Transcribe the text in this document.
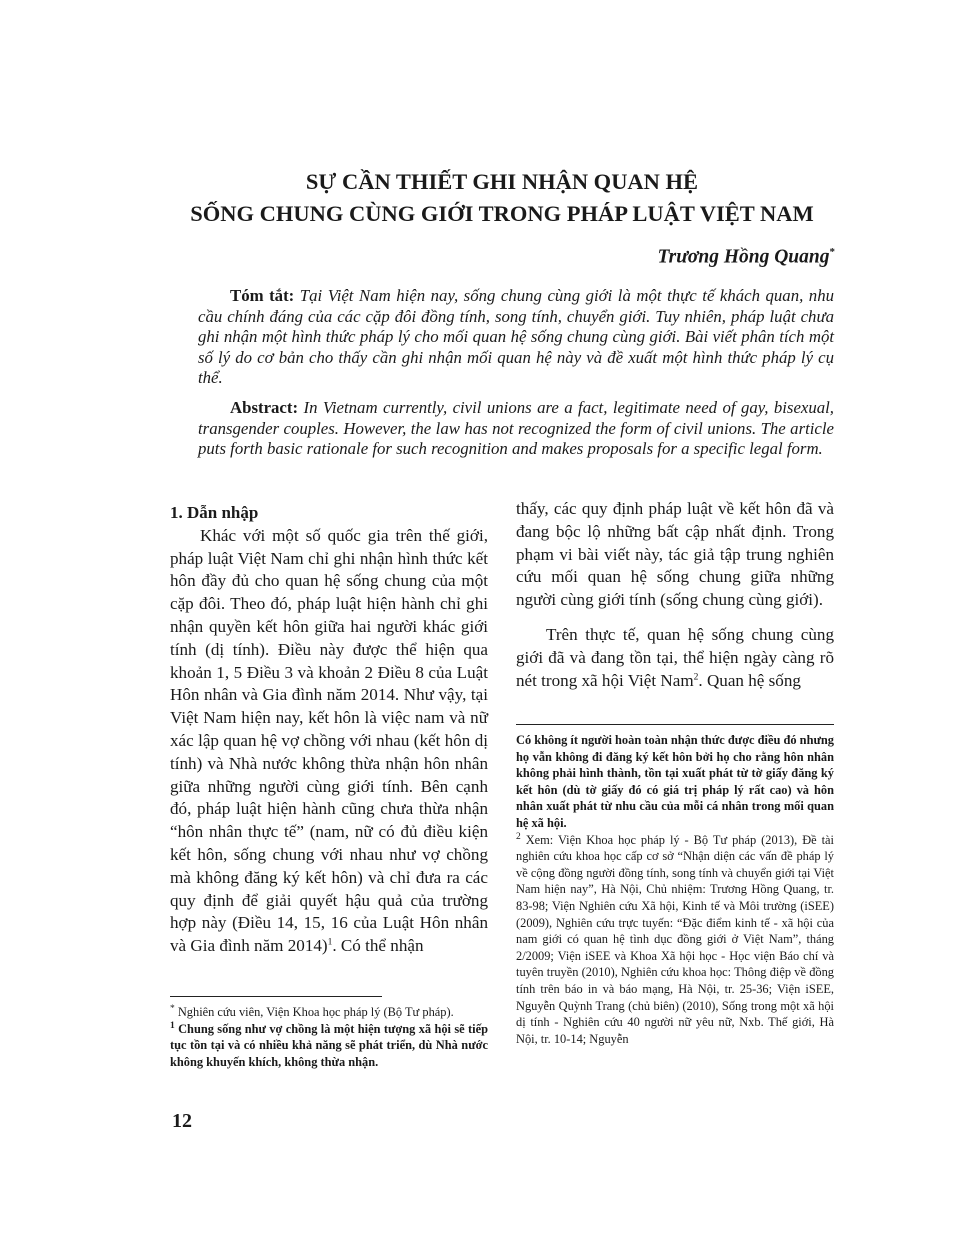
SỰ CẦN THIẾT GHI NHẬN QUAN HỆ
SỐNG CHUNG CÙNG GIỚI TRONG PHÁP LUẬT VIỆT NAM
Trương Hồng Quang*
Tóm tắt: Tại Việt Nam hiện nay, sống chung cùng giới là một thực tế khách quan, nhu cầu chính đáng của các cặp đôi đồng tính, song tính, chuyển giới. Tuy nhiên, pháp luật chưa ghi nhận một hình thức pháp lý cho mối quan hệ sống chung cùng giới. Bài viết phân tích một số lý do cơ bản cho thấy cần ghi nhận mối quan hệ này và đề xuất một hình thức pháp lý cụ thể.
Abstract: In Vietnam currently, civil unions are a fact, legitimate need of gay, bisexual, transgender couples. However, the law has not recognized the form of civil unions. The article puts forth basic rationale for such recognition and makes proposals for a specific legal form.

1. Dẫn nhập

Khác với một số quốc gia trên thế giới, pháp luật Việt Nam chỉ ghi nhận hình thức kết hôn đầy đủ cho quan hệ sống chung của một cặp đôi. Theo đó, pháp luật hiện hành chỉ ghi nhận quyền kết hôn giữa hai người khác giới tính (dị tính). Điều này được thể hiện qua khoản 1, 5 Điều 3 và khoản 2 Điều 8 của Luật Hôn nhân và Gia đình năm 2014. Như vậy, tại Việt Nam hiện nay, kết hôn là việc nam và nữ xác lập quan hệ vợ chồng với nhau (kết hôn dị tính) và Nhà nước không thừa nhận hôn nhân giữa những người cùng giới tính. Bên cạnh đó, pháp luật hiện hành cũng chưa thừa nhận “hôn nhân thực tế” (nam, nữ có đủ điều kiện kết hôn, sống chung với nhau như vợ chồng mà không đăng ký kết hôn) và chỉ đưa ra các quy định để giải quyết hậu quả của trường hợp này (Điều 14, 15, 16 của Luật Hôn nhân và Gia đình năm 2014)$^1$. Có thể nhận

thấy, các quy định pháp luật về kết hôn đã và đang bộc lộ những bất cập nhất định. Trong phạm vi bài viết này, tác giả tập trung nghiên cứu mối quan hệ sống chung giữa những người cùng giới tính (sống chung cùng giới).

Trên thực tế, quan hệ sống chung cùng giới đã và đang tồn tại, thể hiện ngày càng rõ nét trong xã hội Việt Nam$^2$. Quan hệ sống

* Nghiên cứu viên, Viện Khoa học pháp lý (Bộ Tư pháp).

$^1$ Chung sống như vợ chồng là một hiện tượng xã hội sẽ tiếp tục tồn tại và có nhiều khả năng sẽ phát triển, dù Nhà nước không khuyến khích, không thừa nhận.

Có không ít người hoàn toàn nhận thức được điều đó nhưng họ vẫn không đi đăng ký kết hôn bởi họ cho rằng hôn nhân không phải hình thành, tồn tại xuất phát từ tờ giấy đăng ký kết hôn (dù tờ giấy đó có giá trị pháp lý rất cao) và hôn nhân xuất phát từ nhu cầu của mỗi cá nhân trong mối quan hệ xã hội.

$^2$ Xem: Viện Khoa học pháp lý - Bộ Tư pháp (2013), Đề tài nghiên cứu khoa học cấp cơ sở “Nhận diện các vấn đề pháp lý về cộng đồng người đồng tính, song tính và chuyển giới tại Việt Nam hiện nay”, Hà Nội, Chủ nhiệm: Trương Hồng Quang, tr. 83-98; Viện Nghiên cứu Xã hội, Kinh tế và Môi trường (iSEE) (2009), Nghiên cứu trực tuyến: “Đặc điểm kinh tế - xã hội của nam giới có quan hệ tình dục đồng giới ở Việt Nam”, tháng 2/2009; Viện iSEE và Khoa Xã hội học - Học viện Báo chí và tuyên truyền (2010), Nghiên cứu khoa học: Thông điệp về đồng tính trên báo in và báo mạng, Hà Nội, tr. 25-36; Viện iSEE, Nguyễn Quỳnh Trang (chủ biên) (2010), Sống trong một xã hội dị tính - Nghiên cứu 40 người nữ yêu nữ, Nxb. Thế giới, Hà Nội, tr. 10-14; Nguyễn

12
